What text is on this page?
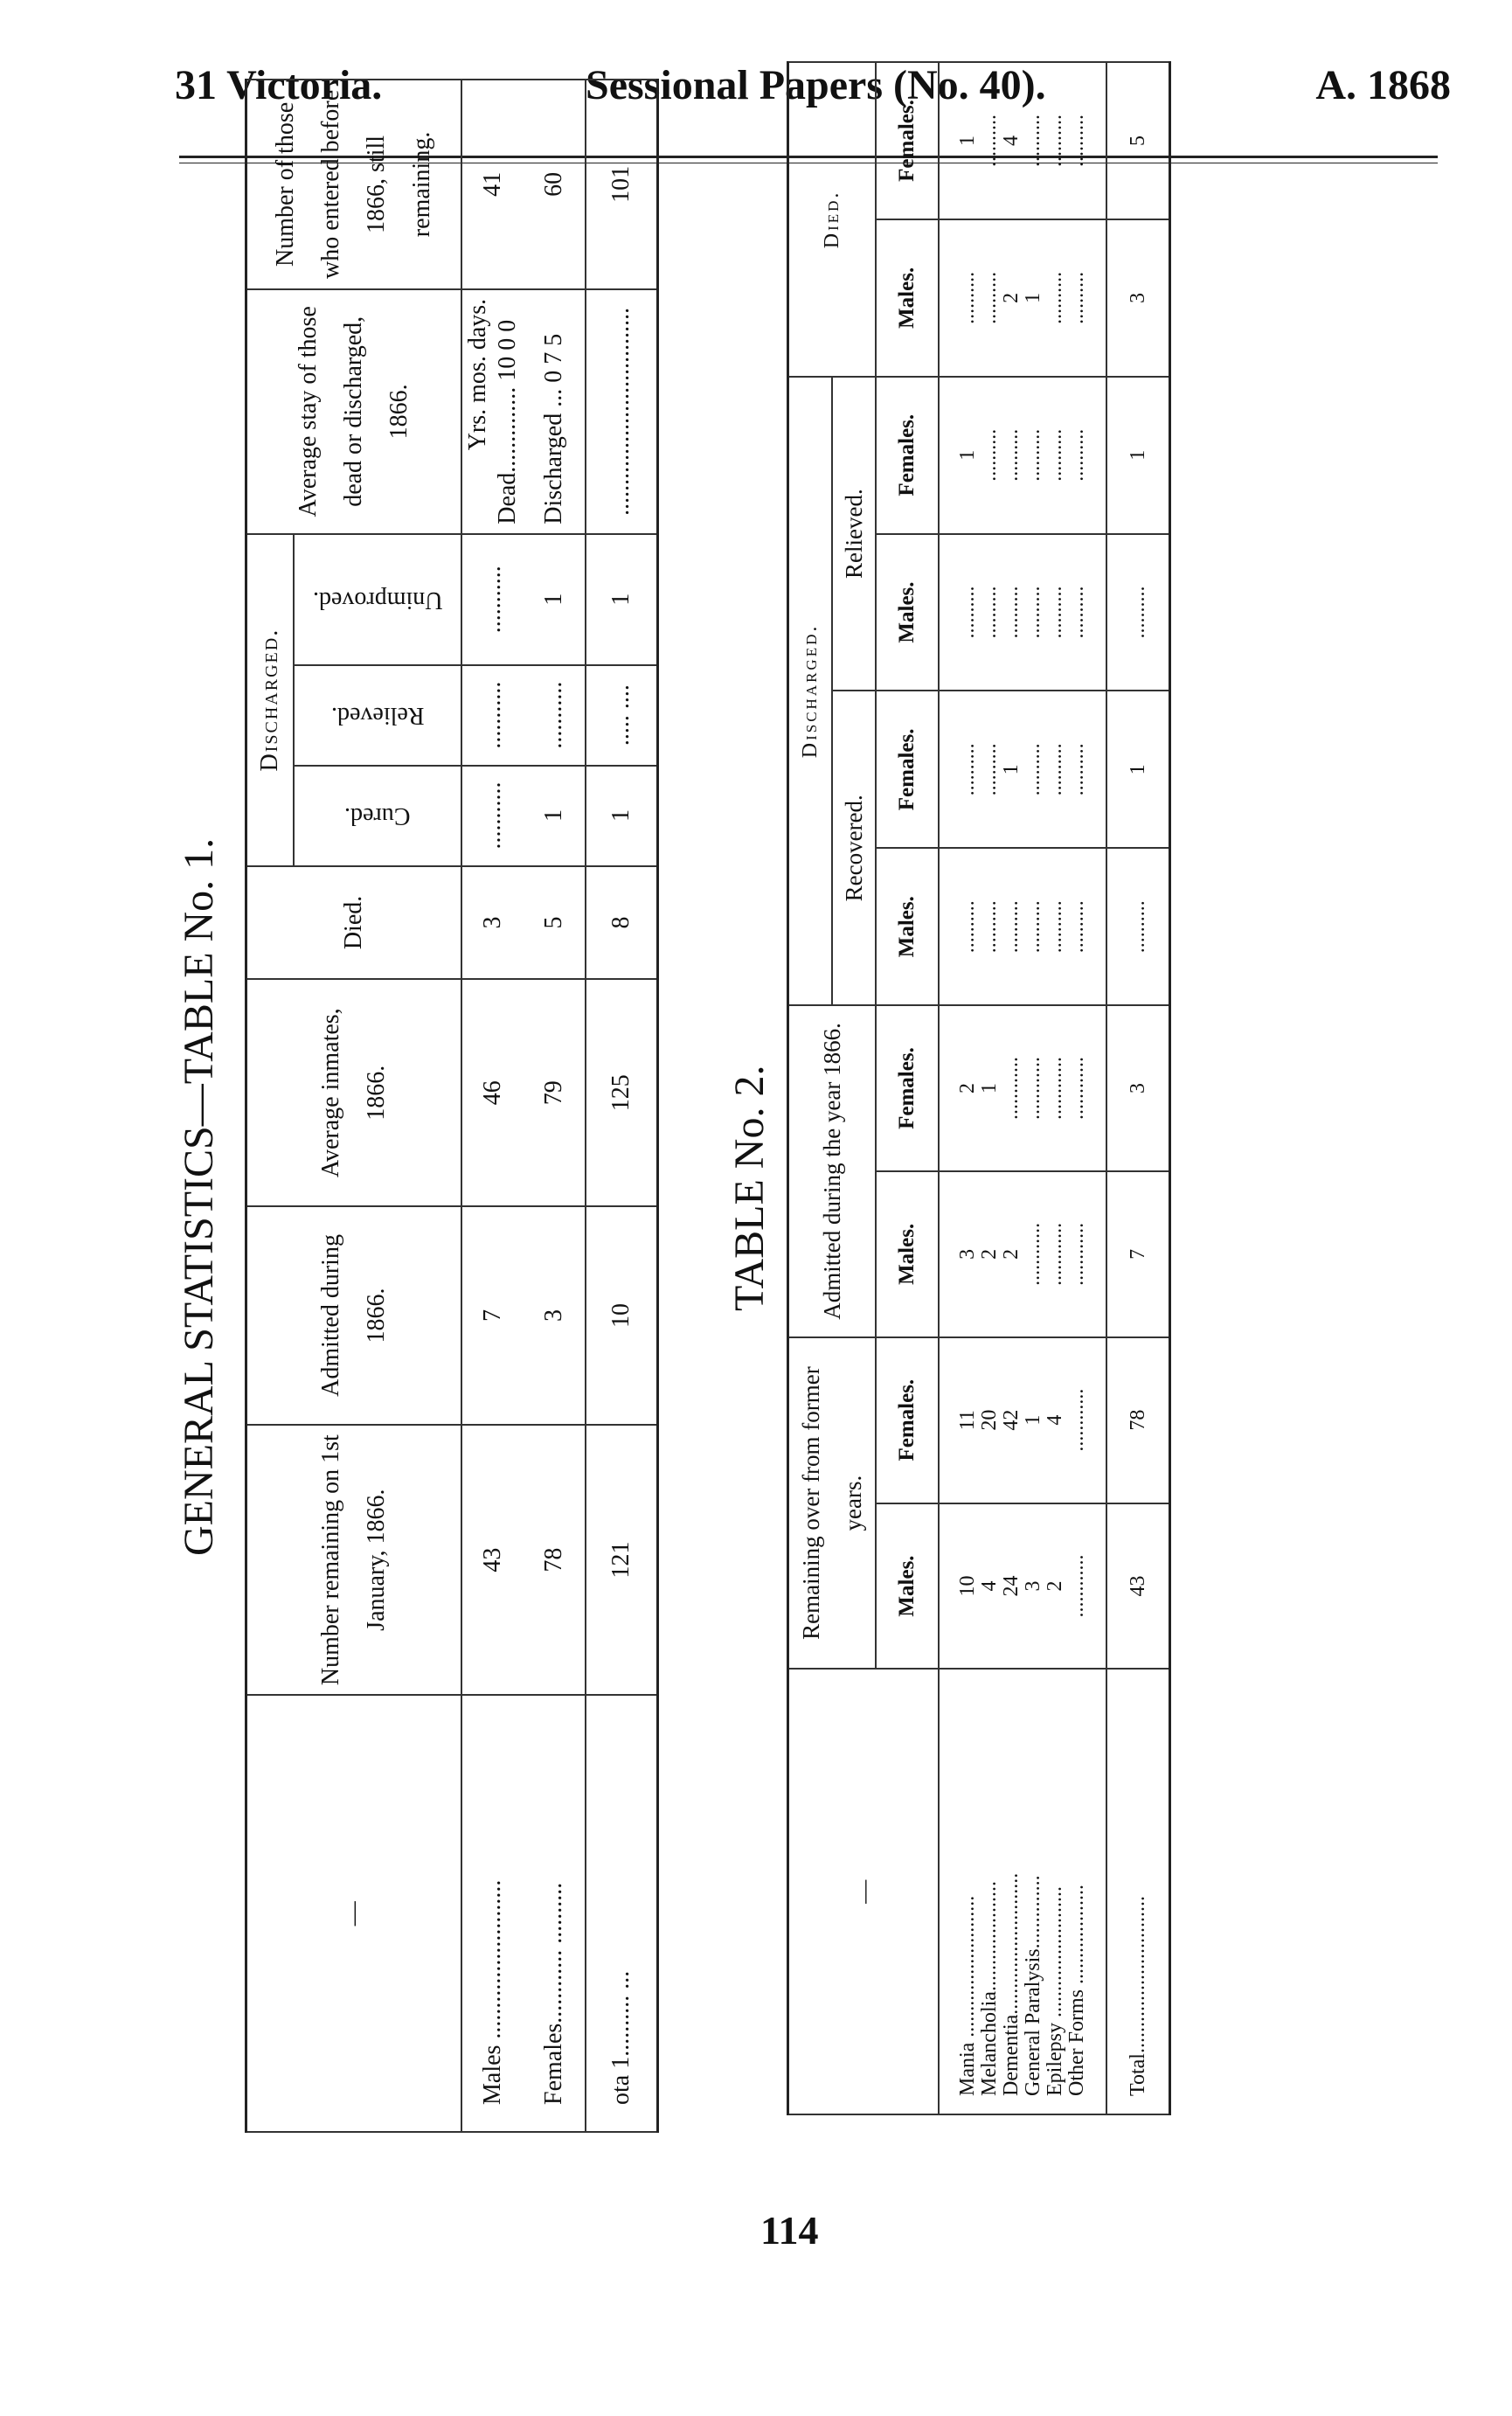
31 Victoria.	Sessional Papers (No. 40).	A. 1868
GENERAL STATISTICS—TABLE No. 1.
—	Number remaining on 1st January, 1866.	Admitted during 1866.	Average inmates, 1866.	Died.	Discharged.			Average stay of those dead or discharged, 1866.	Number of those who entered before 1866, still remaining.

					Cured.	Relieved.	Unimproved.		

Males ..........................	43	7	46	3	...........	...........	...........	Yrs. mos. days. Dead.............. 10 0 0	41
Females............ ..........	78	3	79	5	1	...........	1	Discharged ... 0 7 5	60
ota 1.......... ...	121	10	125	8	1	..... ....	1	..................................	101
TABLE No. 2.
—	Remaining over from former years.		Admitted during the year 1866.		Discharged.				Died.	
					Recovered.		Relieved.			
	Males.	Females.	Males.	Females.	Males.	Females.	Males.	Females.	Males.	Females.
Mania ...........................	10	11	3	2	..........	..........	..........	1	..........	1
Melancholia.....................	4	20	2	1	..........	..........	..........	..........	..........	..........
Dementia...........................	24	42	2	............	..........	1	..........	..........	2	4
General Paralysis..............	3	1	............	............	..........	..........	..........	..........	1	..........
Epilepsy .........................	2	4	............	............	..........	..........	..........	..........	..........	..........
Other Forms ...................	............	............	............	............	..........	..........	..........	..........	..........	..........
Total..............................	43	78	7	3	..........	1	..........	1	3	5
114
